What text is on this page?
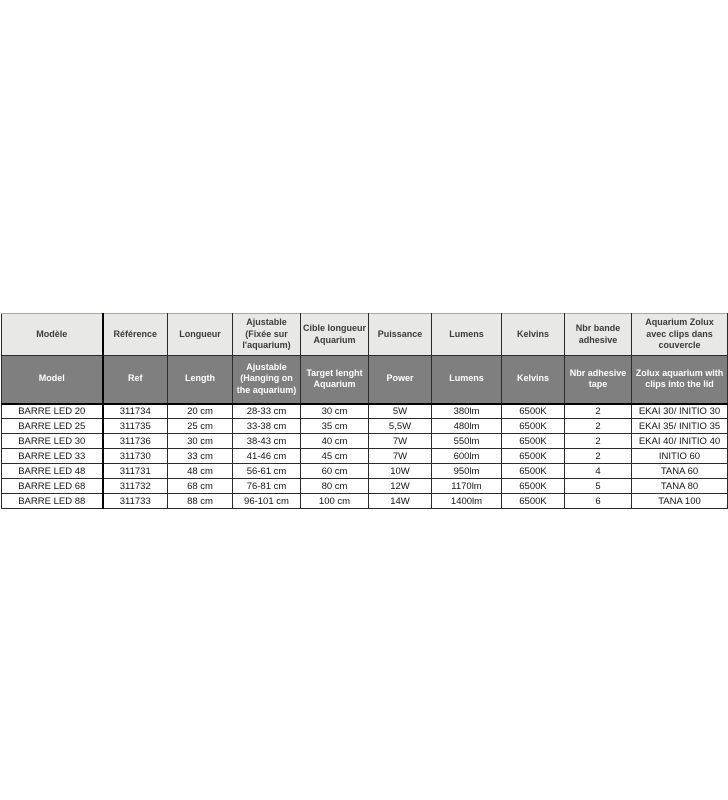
Modèle	Référence	Longueur	Ajustable (Fixée sur l'aquarium)	Cible longueur Aquarium	Puissance	Lumens	Kelvins	Nbr bande adhesive	Aquarium Zolux avec clips dans couvercle
Model	Ref	Length	Ajustable (Hanging on the aquarium)	Target lenght Aquarium	Power	Lumens	Kelvins	Nbr adhesive tape	Zolux aquarium with clips into the lid
BARRE LED 20	311734	20 cm	28-33 cm	30 cm	5W	380lm	6500K	2	EKAI 30/ INITIO 30
BARRE LED 25	311735	25 cm	33-38 cm	35 cm	5,5W	480lm	6500K	2	EKAI 35/ INITIO 35
BARRE LED 30	311736	30 cm	38-43 cm	40 cm	7W	550lm	6500K	2	EKAI 40/ INITIO 40
BARRE LED 33	311730	33 cm	41-46 cm	45 cm	7W	600lm	6500K	2	INITIO 60
BARRE LED 48	311731	48 cm	56-61 cm	60 cm	10W	950lm	6500K	4	TANA 60
BARRE LED 68	311732	68 cm	76-81 cm	80 cm	12W	1170lm	6500K	5	TANA 80
BARRE LED 88	311733	88 cm	96-101 cm	100 cm	14W	1400lm	6500K	6	TANA 100
